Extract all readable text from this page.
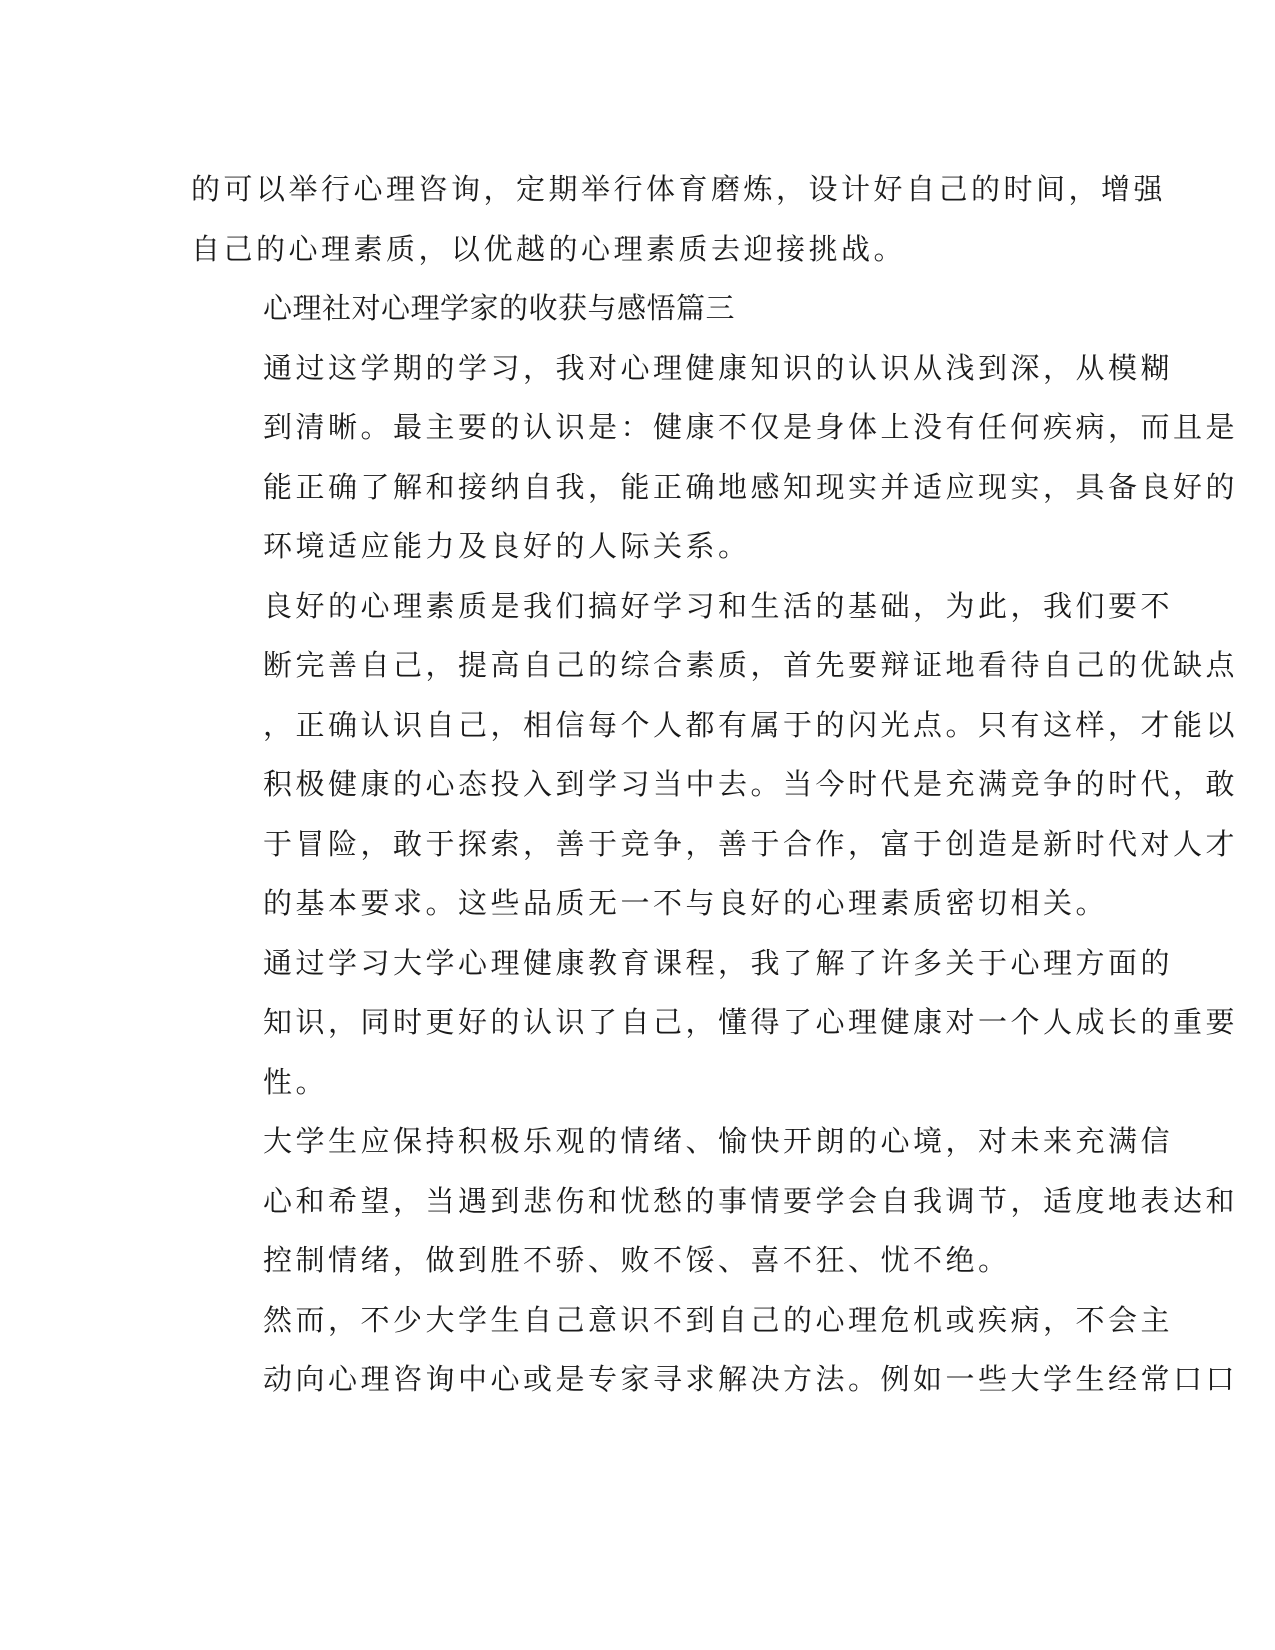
的可以举行心理咨询，定期举行体育磨炼，设计好自己的时间，增强
自己的心理素质，以优越的心理素质去迎接挑战。

心理社对心理学家的收获与感悟篇三

通过这学期的学习，我对心理健康知识的认识从浅到深，从模糊
到清晰。最主要的认识是：健康不仅是身体上没有任何疾病，而且是
能正确了解和接纳自我，能正确地感知现实并适应现实，具备良好的
环境适应能力及良好的人际关系。

良好的心理素质是我们搞好学习和生活的基础，为此，我们要不
断完善自己，提高自己的综合素质，首先要辩证地看待自己的优缺点
，正确认识自己，相信每个人都有属于的闪光点。只有这样，才能以
积极健康的心态投入到学习当中去。当今时代是充满竞争的时代，敢
于冒险，敢于探索，善于竞争，善于合作，富于创造是新时代对人才
的基本要求。这些品质无一不与良好的心理素质密切相关。

通过学习大学心理健康教育课程，我了解了许多关于心理方面的
知识，同时更好的认识了自己，懂得了心理健康对一个人成长的重要
性。

大学生应保持积极乐观的情绪、愉快开朗的心境，对未来充满信
心和希望，当遇到悲伤和忧愁的事情要学会自我调节，适度地表达和
控制情绪，做到胜不骄、败不馁、喜不狂、忧不绝。

然而，不少大学生自己意识不到自己的心理危机或疾病，不会主
动向心理咨询中心或是专家寻求解决方法。例如一些大学生经常口口
